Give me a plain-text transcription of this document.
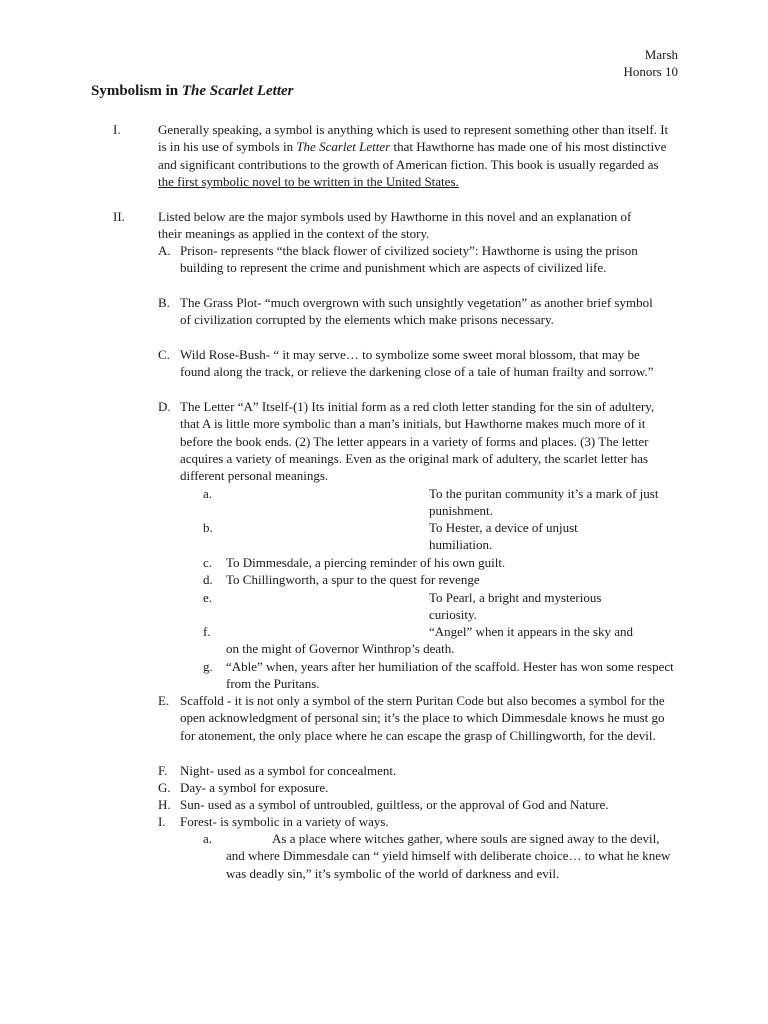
Marsh
Honors 10
Symbolism in The Scarlet Letter
I.	Generally speaking, a symbol is anything which is used to represent something other than itself. It is in his use of symbols in The Scarlet Letter that Hawthorne has made one of his most distinctive and significant contributions to the growth of American fiction. This book is usually regarded as the first symbolic novel to be written in the United States.
II.	Listed below are the major symbols used by Hawthorne in this novel and an explanation of their meanings as applied in the context of the story.
A. Prison- represents “the black flower of civilized society”: Hawthorne is using the prison building to represent the crime and punishment which are aspects of civilized life.
B. The Grass Plot- “much overgrown with such unsightly vegetation” as another brief symbol of civilization corrupted by the elements which make prisons necessary.
C. Wild Rose-Bush- “ it may serve… to symbolize some sweet moral blossom, that may be found along the track, or relieve the darkening close of a tale of human frailty and sorrow.”
D. The Letter “A” Itself-(1) Its initial form as a red cloth letter standing for the sin of adultery, that A is little more symbolic than a man’s initials, but Hawthorne makes much more of it before the book ends. (2) The letter appears in a variety of forms and places. (3) The letter acquires a variety of meanings. Even as the original mark of adultery, the scarlet letter has different personal meanings.
a.	To the puritan community it’s a mark of just punishment.
b.	To Hester, a device of unjust humiliation.
c. To Dimmesdale, a piercing reminder of his own guilt.
d. To Chillingworth, a spur to the quest for revenge
e.	To Pearl, a bright and mysterious curiosity.
f.	“Angel” when it appears in the sky and
on the might of Governor Winthrop’s death.
g. “Able” when, years after her humiliation of the scaffold. Hester has won some respect from the Puritans.
E. Scaffold - it is not only a symbol of the stern Puritan Code but also becomes a symbol for the open acknowledgment of personal sin; it’s the place to which Dimmesdale knows he must go for atonement, the only place where he can escape the grasp of Chillingworth, for the devil.
F. Night- used as a symbol for concealment.
G. Day- a symbol for exposure.
H. Sun- used as a symbol of untroubled, guiltless, or the approval of God and Nature.
I. Forest- is symbolic in a variety of ways.
a.	As a place where witches gather, where souls are signed away to the devil, and where Dimmesdale can “ yield himself with deliberate choice… to what he knew was deadly sin,” it’s symbolic of the world of darkness and evil.
